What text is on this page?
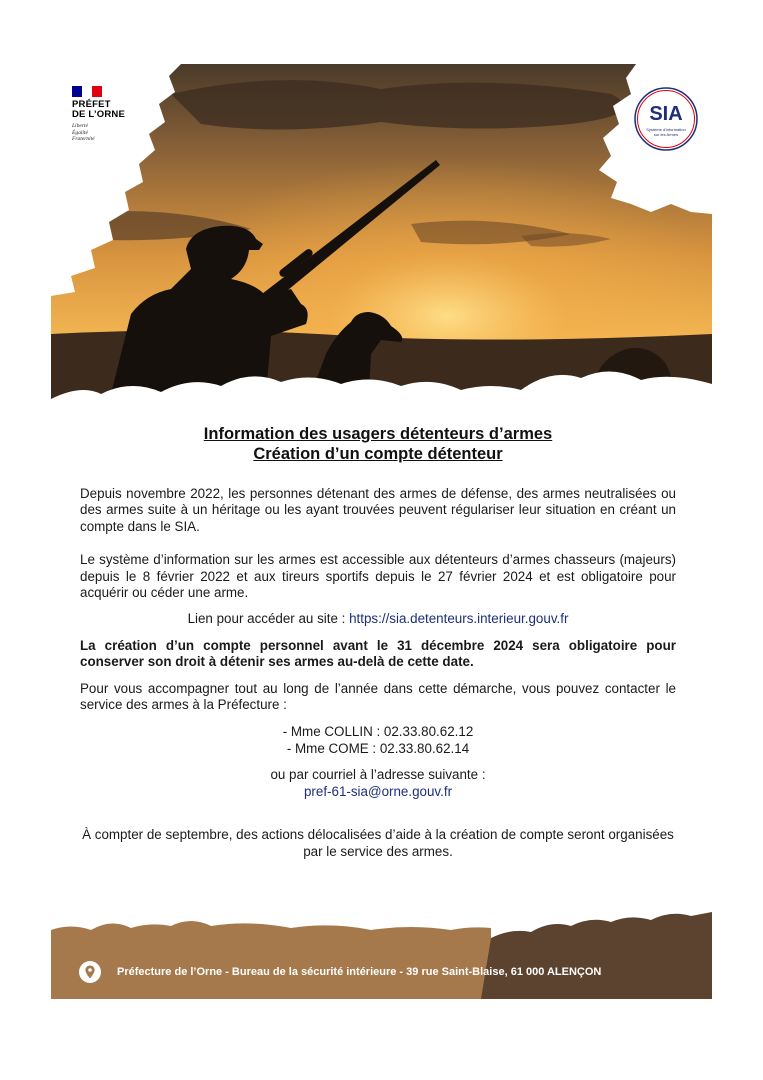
PRÉFET
DE L’ORNE
Liberté
Égalité
Fraternité
SIA
Système d'information
sur les Armes
Information des usagers détenteurs d’armes
Création d’un compte détenteur

Depuis novembre 2022, les personnes détenant des armes de défense, des armes neutralisées ou des armes suite à un héritage ou les ayant trouvées peuvent régulariser leur situation en créant un compte dans le SIA.

Le système d’information sur les armes est accessible aux détenteurs d’armes chasseurs (majeurs) depuis le 8 février 2022 et aux tireurs sportifs depuis le 27 février 2024 et est obligatoire pour acquérir ou céder une arme.

Lien pour accéder au site : https://sia.detenteurs.interieur.gouv.fr

La création d’un compte personnel avant le 31 décembre 2024 sera obligatoire pour conserver son droit à détenir ses armes au-delà de cette date.

Pour vous accompagner tout au long de l’année dans cette démarche, vous pouvez contacter le service des armes à la Préfecture :

- Mme COLLIN : 02.33.80.62.12

- Mme COME : 02.33.80.62.14

ou par courriel à l’adresse suivante :

pref-61-sia@orne.gouv.fr

À compter de septembre, des actions délocalisées d’aide à la création de compte seront organisées par le service des armes.

Préfecture de l’Orne - Bureau de la sécurité intérieure - 39 rue Saint-Blaise, 61 000 ALENÇON
